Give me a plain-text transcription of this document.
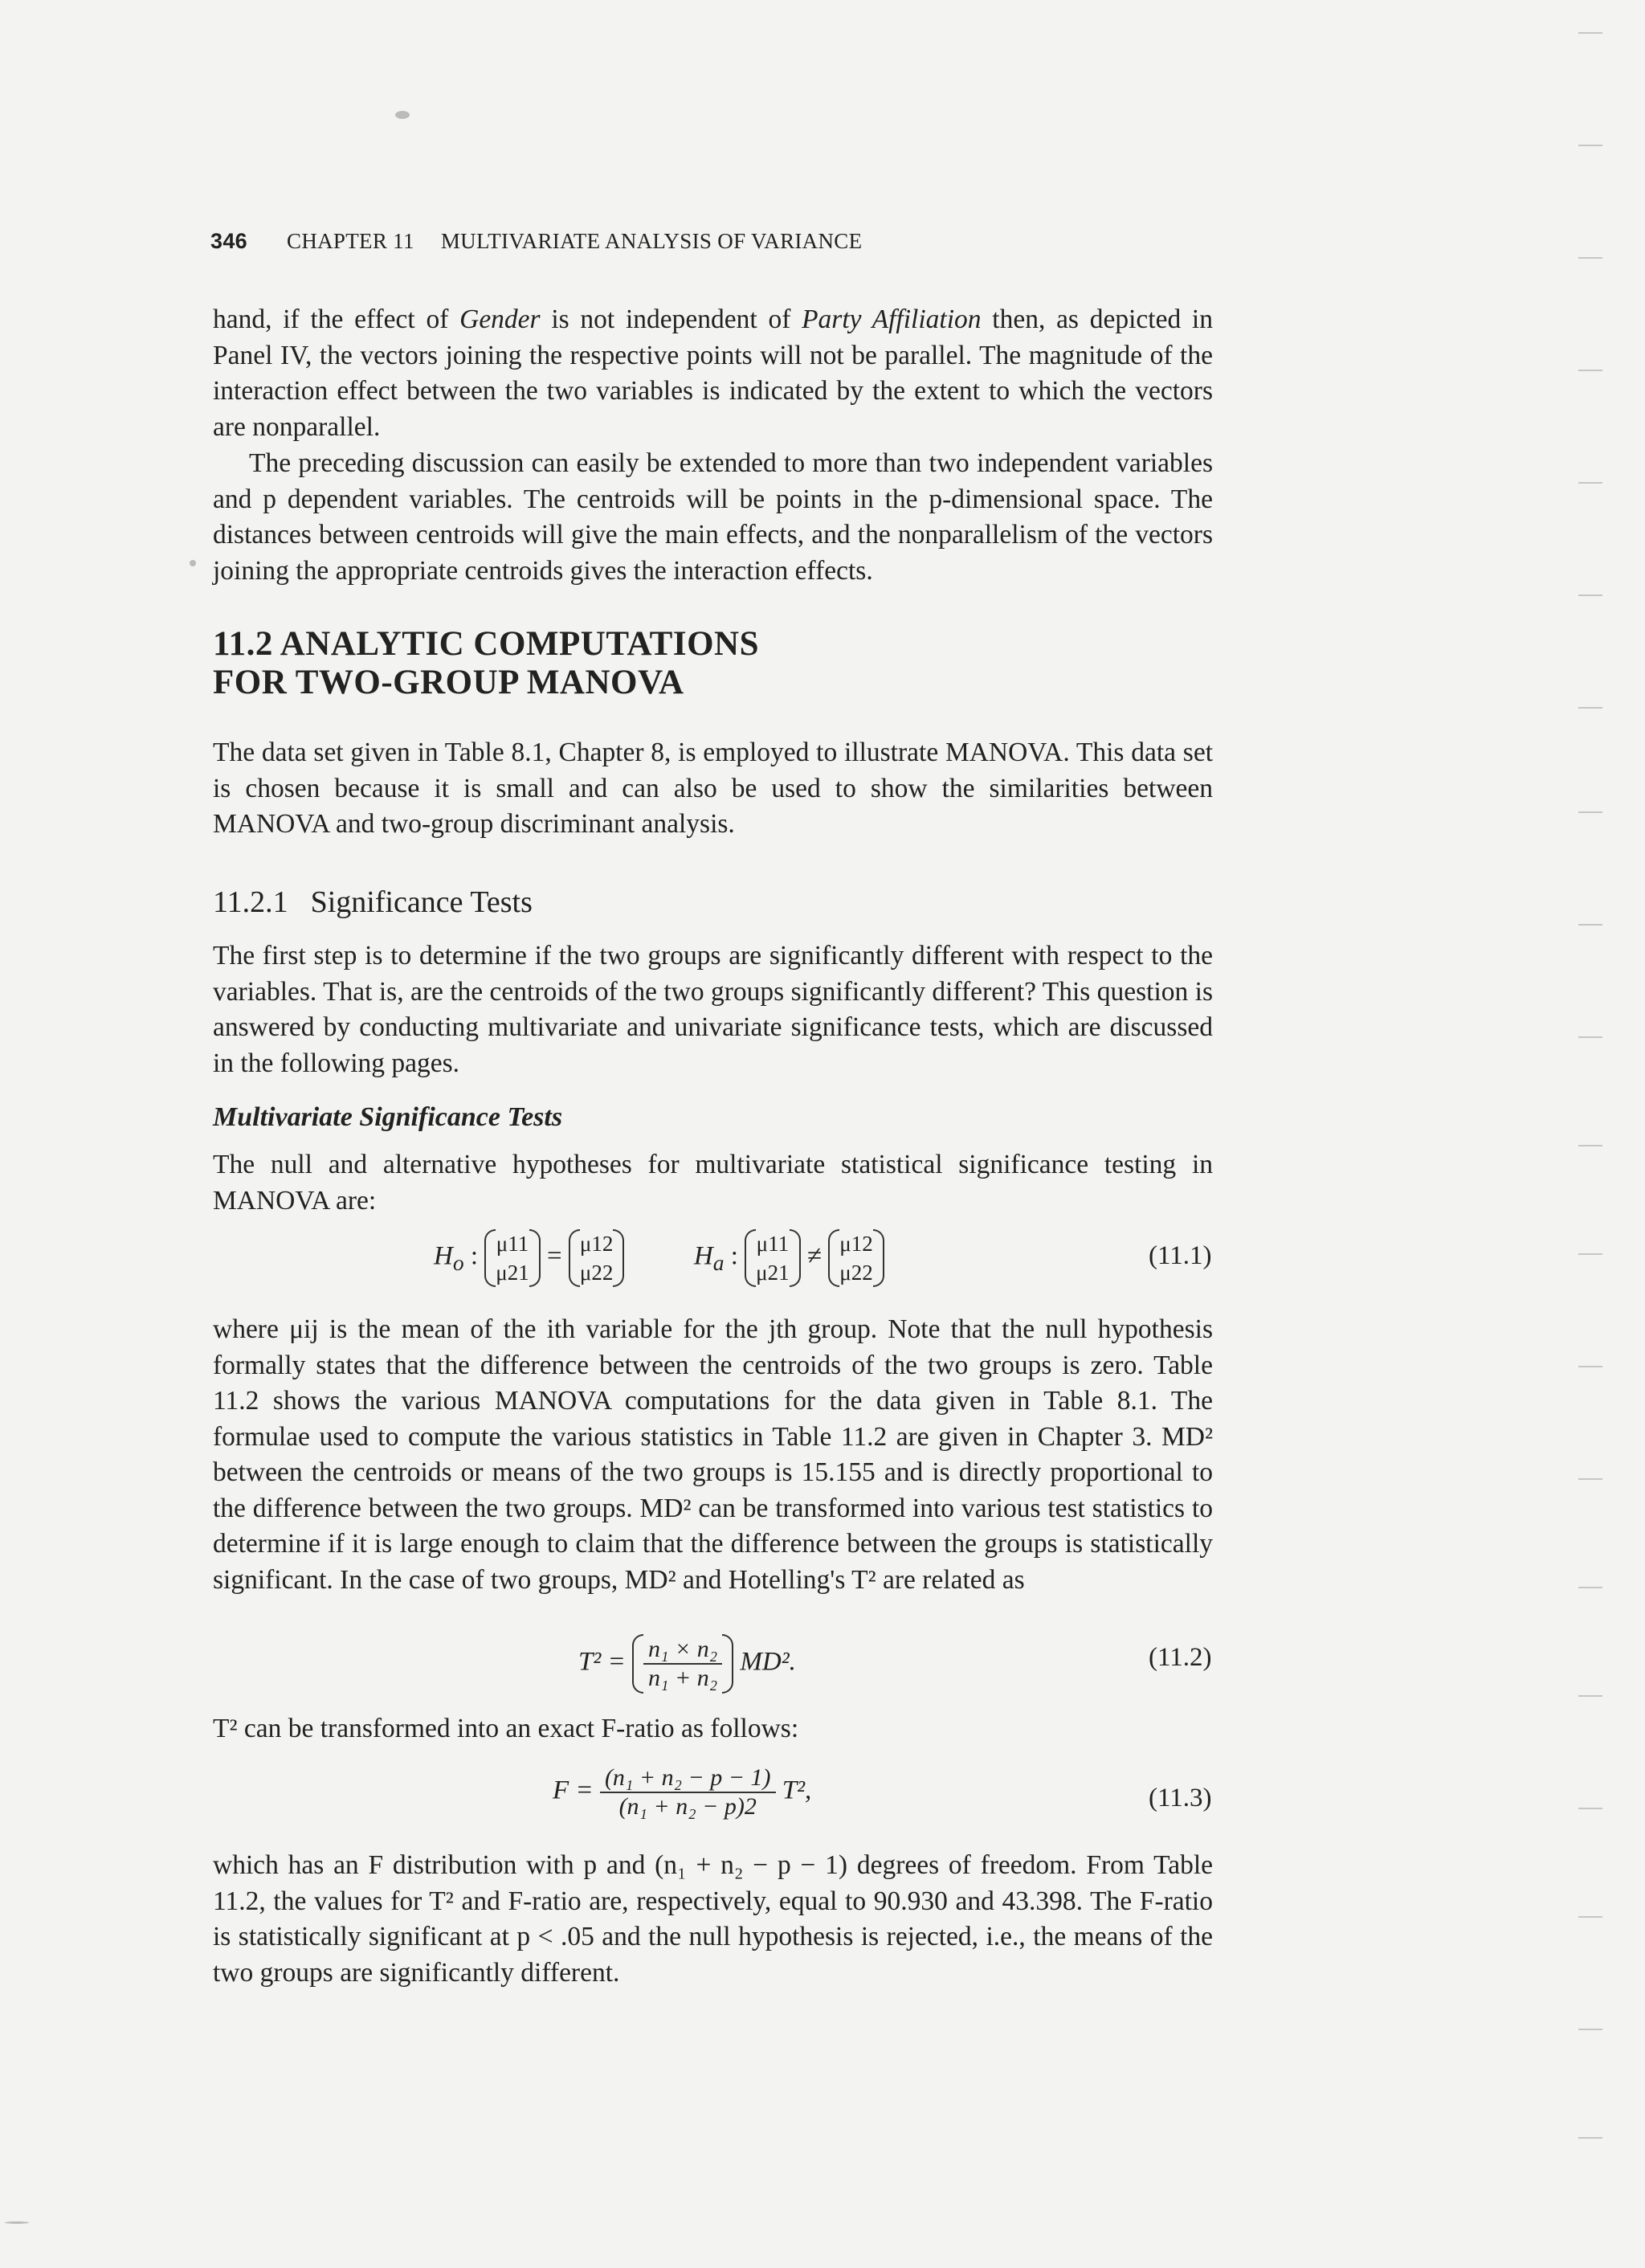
346 CHAPTER 11 MULTIVARIATE ANALYSIS OF VARIANCE
hand, if the effect of Gender is not independent of Party Affiliation then, as depicted in Panel IV, the vectors joining the respective points will not be parallel. The magnitude of the interaction effect between the two variables is indicated by the extent to which the vectors are nonparallel.
The preceding discussion can easily be extended to more than two independent variables and p dependent variables. The centroids will be points in the p-dimensional space. The distances between centroids will give the main effects, and the nonparallelism of the vectors joining the appropriate centroids gives the interaction effects.
11.2 ANALYTIC COMPUTATIONS
FOR TWO-GROUP MANOVA
The data set given in Table 8.1, Chapter 8, is employed to illustrate MANOVA. This data set is chosen because it is small and can also be used to show the similarities between MANOVA and two-group discriminant analysis.
11.2.1 Significance Tests
The first step is to determine if the two groups are significantly different with respect to the variables. That is, are the centroids of the two groups significantly different? This question is answered by conducting multivariate and univariate significance tests, which are discussed in the following pages.
Multivariate Significance Tests
The null and alternative hypotheses for multivariate statistical significance testing in MANOVA are:
$H_o$ : μ11
μ21 = μ12
μ22  $H_a$ : μ11
μ21 ≠ μ12
μ22
(11.1)
where μij is the mean of the ith variable for the jth group. Note that the null hypothesis formally states that the difference between the centroids of the two groups is zero. Table 11.2 shows the various MANOVA computations for the data given in Table 8.1. The formulae used to compute the various statistics in Table 11.2 are given in Chapter 3. MD² between the centroids or means of the two groups is 15.155 and is directly proportional to the difference between the two groups. MD² can be transformed into various test statistics to determine if it is large enough to claim that the difference between the groups is statistically significant. In the case of two groups, MD² and Hotelling's T² are related as
$T^2 = \frac{\text{n₁ × n₂}}{\text{n₁ + n₂}} MD^2$.	(11.2)
T² can be transformed into an exact F-ratio as follows:
$F = \frac{\text{(n₁ + n₂ − p − 1)}}{\text{(n₁ + n₂ − p)2}} T^2$,	(11.3)
which has an F distribution with p and (n₁ + n₂ − p − 1) degrees of freedom. From Table 11.2, the values for T² and F-ratio are, respectively, equal to 90.930 and 43.398. The F-ratio is statistically significant at p < .05 and the null hypothesis is rejected, i.e., the means of the two groups are significantly different.
